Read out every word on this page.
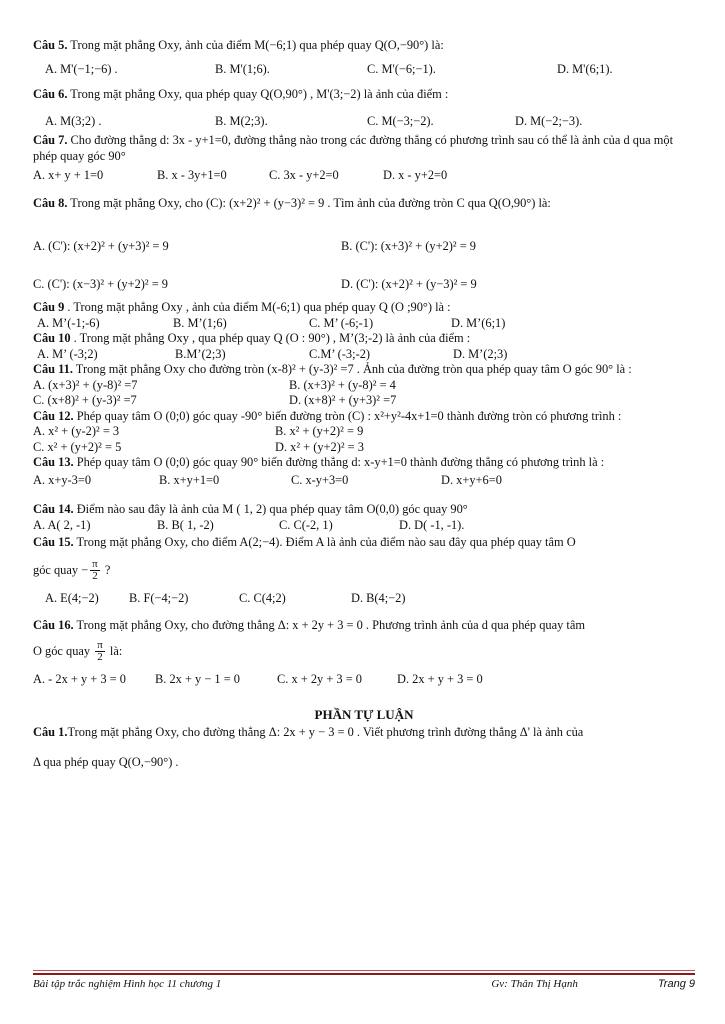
Câu 5. Trong mặt phẳng Oxy, ảnh của điểm M(−6;1) qua phép quay Q(O,−90°) là:

A. M'(−1;−6) .	B. M'(1;6).	C. M'(−6;−1).	D. M'(6;1).

Câu 6. Trong mặt phẳng Oxy, qua phép quay Q(O,90°) , M'(3;−2) là ảnh của điểm :

A. M(3;2) .	B. M(2;3).	C. M(−3;−2).	D. M(−2;−3).

Câu 7. Cho đường thẳng d: 3x - y+1=0, đường thẳng nào trong các đường thẳng có phương trình sau có thể là ảnh của d qua một phép quay góc 90°

A. x+ y + 1=0	B. x - 3y+1=0	C. 3x - y+2=0	D. x - y+2=0

Câu 8. Trong mặt phẳng Oxy, cho (C): (x+2)² + (y−3)² = 9 . Tìm ảnh của đường tròn C qua Q(O,90°) là:

A. (C'): (x+2)² + (y+3)² = 9	B. (C'): (x+3)² + (y+2)² = 9
C. (C'): (x−3)² + (y+2)² = 9	D. (C'): (x+2)² + (y−3)² = 9

Câu 9 . Trong mặt phẳng Oxy , ảnh của điểm M(-6;1) qua phép quay Q (O ;90°) là :

A. M’(-1;-6)	B. M’(1;6)	C. M’ (-6;-1)	D. M’(6;1)

Câu 10 . Trong mặt phẳng Oxy , qua phép quay Q (O : 90°) , M’(3;-2) là ảnh của điểm :

A. M’ (-3;2)	B.M’(2;3)	C.M’ (-3;-2)	D. M’(2;3)

Câu 11. Trong mặt phẳng Oxy cho đường tròn (x-8)² + (y-3)² =7 . Ảnh của đường tròn qua phép quay tâm O góc 90° là :

A. (x+3)² + (y-8)² =7	B. (x+3)² + (y-8)² = 4
C. (x+8)² + (y-3)² =7	D. (x+8)² + (y+3)² =7

Câu 12. Phép quay tâm O (0;0) góc quay -90° biến đường tròn (C) : x²+y²-4x+1=0 thành đường tròn có phương trình :

A. x² + (y-2)² = 3	B. x² + (y+2)² = 9
C. x² + (y+2)² = 5	D. x² + (y+2)² = 3

Câu 13. Phép quay tâm O (0;0) góc quay 90° biến đường thẳng d: x-y+1=0 thành đường thẳng có phương trình là :

A. x+y-3=0	B. x+y+1=0	C. x-y+3=0	D. x+y+6=0

Câu 14. Điểm nào sau đây là ảnh của M ( 1, 2) qua phép quay tâm O(0,0) góc quay 90°

A. A( 2, -1)	B. B( 1, -2)	C. C(-2, 1)	D. D( -1, -1).

Câu 15. Trong mặt phẳng Oxy, cho điểm A(2;−4). Điểm A là ảnh của điểm nào sau đây qua phép quay tâm O

góc quay − $\frac{\pi}{2}$ ?

A. E(4;−2)	B. F(−4;−2)	C. C(4;2)	D. B(4;−2)

Câu 16. Trong mặt phẳng Oxy, cho đường thẳng Δ: x + 2y + 3 = 0 . Phương trình ảnh của d qua phép quay tâm

O góc quay $\frac{\pi}{2}$ là:

A. - 2x + y + 3 = 0	B. 2x + y − 1 = 0	C. x + 2y + 3 = 0	D. 2x + y + 3 = 0

PHẦN TỰ LUẬN

Câu 1.Trong mặt phẳng Oxy, cho đường thẳng Δ: 2x + y − 3 = 0 . Viết phương trình đường thẳng Δ' là ảnh của

Δ qua phép quay Q(O,−90°) .

Bài tập trắc nghiệm Hình học 11 chương 1	Gv: Thân Thị Hạnh	Trang 9
